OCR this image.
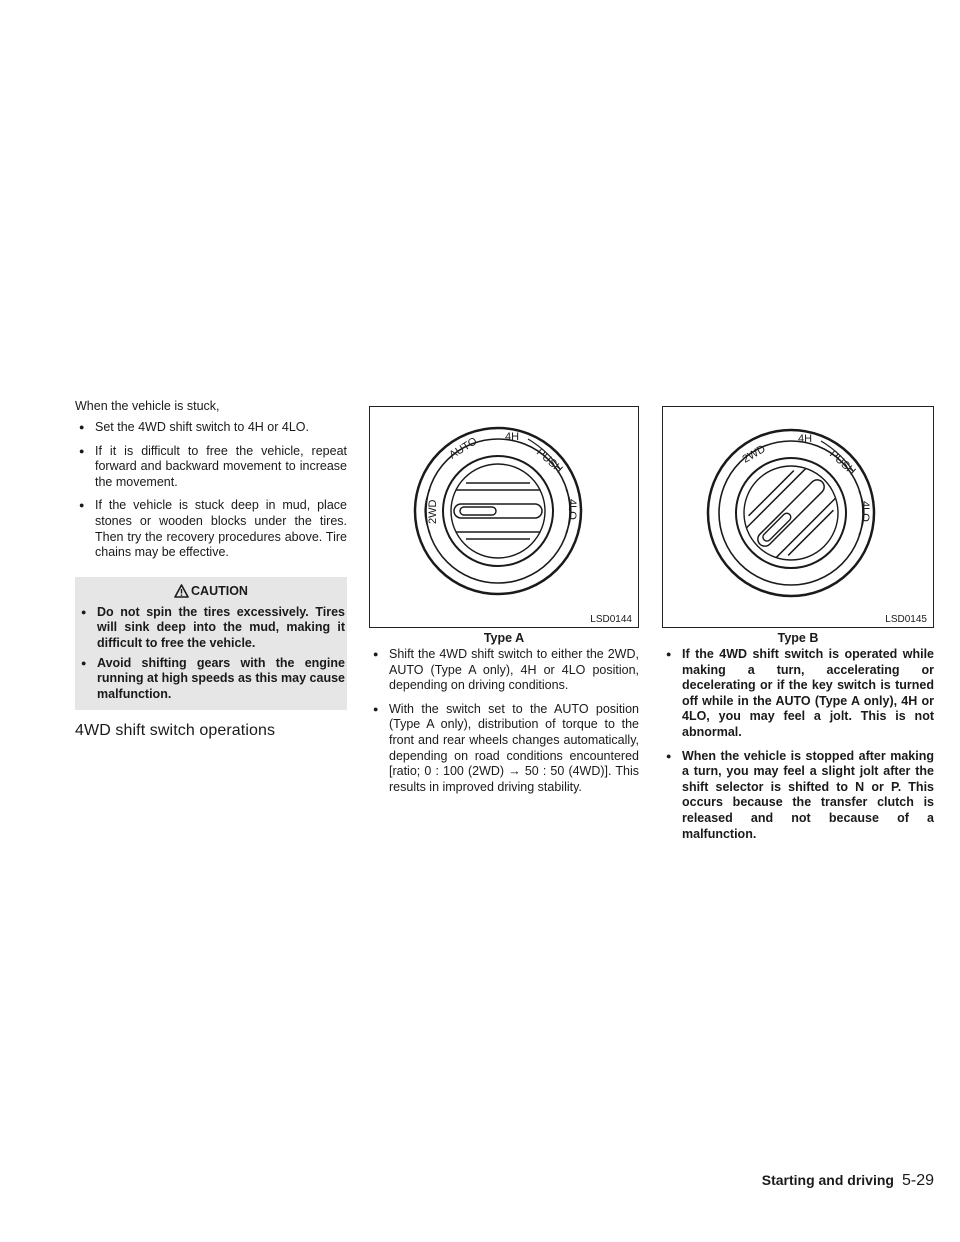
When the vehicle is stuck,

● Set the 4WD shift switch to 4H or 4LO.
● If it is difficult to free the vehicle, repeat forward and backward movement to increase the movement.
● If the vehicle is stuck deep in mud, place stones or wooden blocks under the tires. Then try the recovery procedures above. Tire chains may be effective.
CAUTION
● Do not spin the tires excessively. Tires will sink deep into the mud, making it difficult to free the vehicle.
● Avoid shifting gears with the engine running at high speeds as this may cause malfunction.
4WD shift switch operations
AUTO 4H
PUSH
4LO
2WD
LSD0144
Type A
● Shift the 4WD shift switch to either the 2WD, AUTO (Type A only), 4H or 4LO position, depending on driving conditions.
● With the switch set to the AUTO position (Type A only), distribution of torque to the front and rear wheels changes automatically, depending on road conditions encountered [ratio; 0 : 100 (2WD) → 50 : 50 (4WD)]. This results in improved driving stability.
2WD
4H
PUSH
4LO
LSD0145
Type B
● If the 4WD shift switch is operated while making a turn, accelerating or decelerating or if the key switch is turned off while in the AUTO (Type A only), 4H or 4LO, you may feel a jolt. This is not abnormal.
● When the vehicle is stopped after making a turn, you may feel a slight jolt after the shift selector is shifted to N or P. This occurs because the transfer clutch is released and not because of a malfunction.
Starting and driving 5-29
